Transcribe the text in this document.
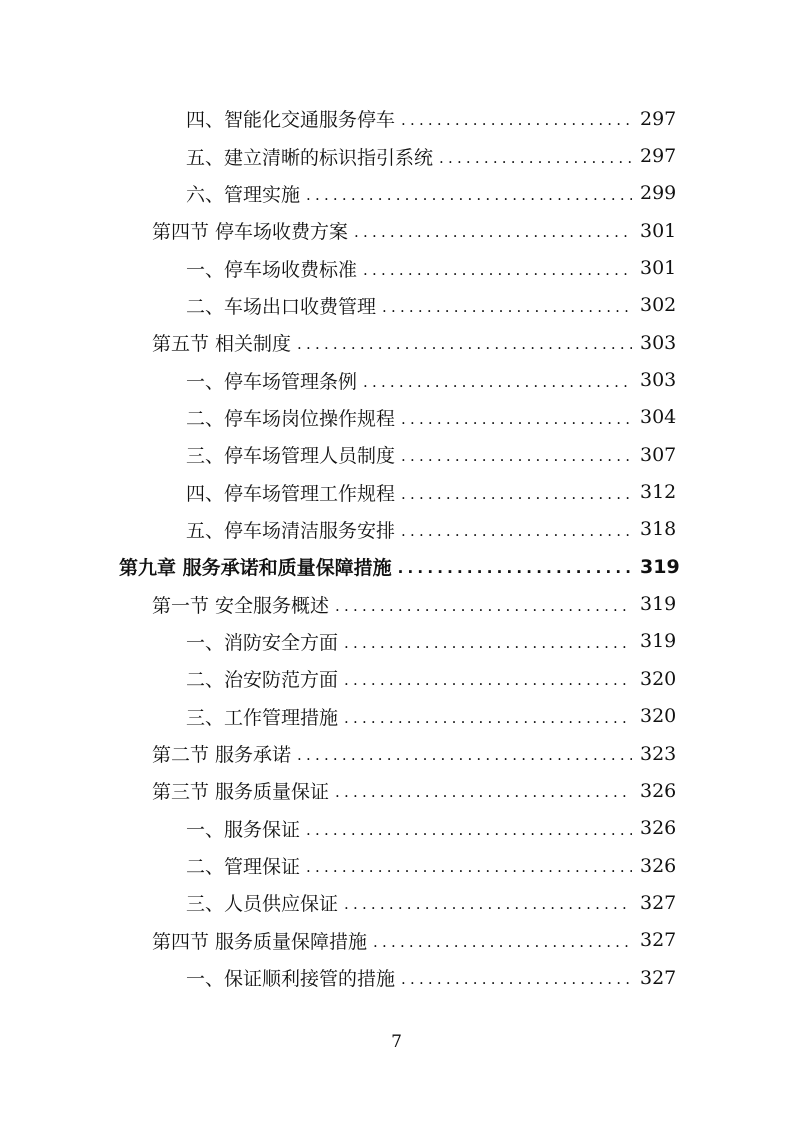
四、智能化交通服务停车 .....	297
五、建立清晰的标识指引系统 .....	297
六、管理实施 .....	299
第四节 停车场收费方案 .....	301
一、停车场收费标准 .....	301
二、车场出口收费管理 .....	302
第五节 相关制度 .....	303
一、停车场管理条例 .....	303
二、停车场岗位操作规程 .....	304
三、停车场管理人员制度 .....	307
四、停车场管理工作规程 .....	312
五、停车场清洁服务安排 .....	318
第九章 服务承诺和质量保障措施 .....	319
第一节 安全服务概述 .....	319
一、消防安全方面 .....	319
二、治安防范方面 .....	320
三、工作管理措施 .....	320
第二节 服务承诺 .....	323
第三节 服务质量保证 .....	326
一、服务保证 .....	326
二、管理保证 .....	326
三、人员供应保证 .....	327
第四节 服务质量保障措施 .....	327
一、保证顺利接管的措施 .....	327
7
